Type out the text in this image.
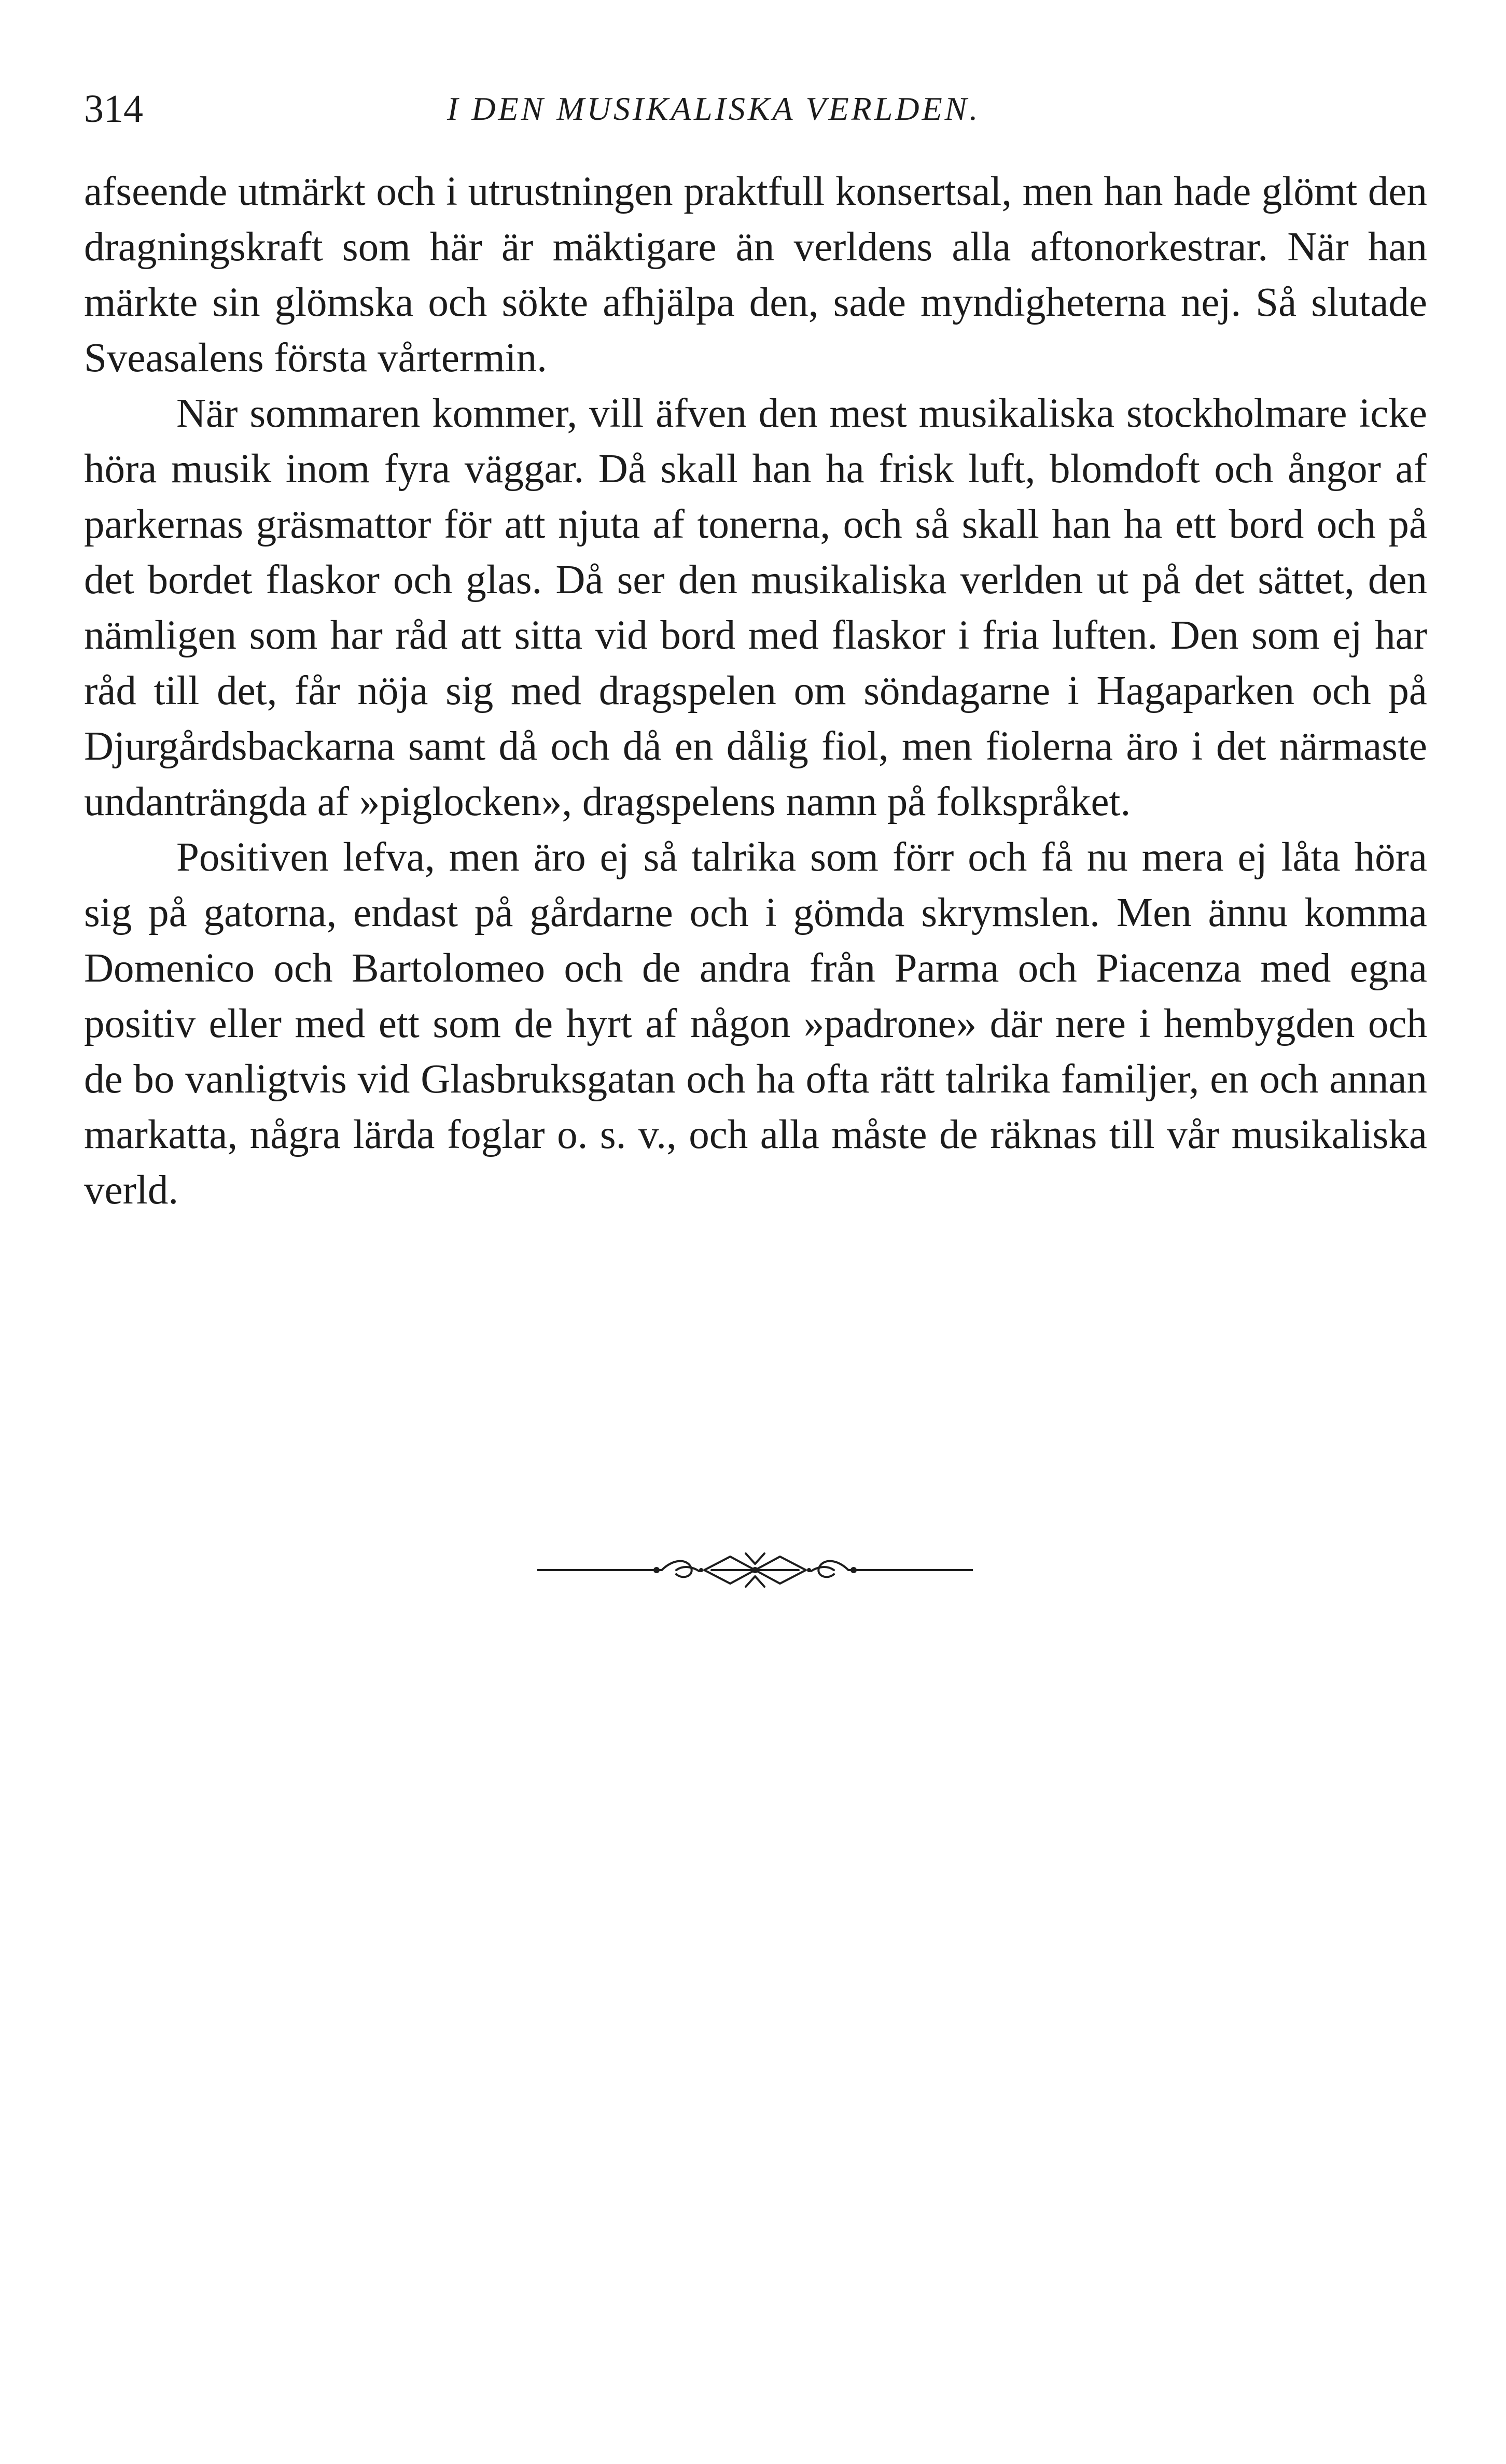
314	I DEN MUSIKALISKA VERLDEN.

afseende utmärkt och i utrustningen praktfull konsertsal, men han hade glömt den dragningskraft som här är mäktigare än verldens alla aftonorkestrar. När han märkte sin glömska och sökte afhjälpa den, sade myndigheterna nej. Så slutade Sveasalens första vårtermin.

När sommaren kommer, vill äfven den mest musikaliska stockholmare icke höra musik inom fyra väggar. Då skall han ha frisk luft, blomdoft och ångor af parkernas gräsmattor för att njuta af tonerna, och så skall han ha ett bord och på det bordet flaskor och glas. Då ser den musikaliska verlden ut på det sättet, den nämligen som har råd att sitta vid bord med flaskor i fria luften. Den som ej har råd till det, får nöja sig med dragspelen om söndagarne i Hagaparken och på Djurgårdsbackarna samt då och då en dålig fiol, men fiolerna äro i det närmaste undanträngda af »piglocken», dragspelens namn på folkspråket.

Positiven lefva, men äro ej så talrika som förr och få nu mera ej låta höra sig på gatorna, endast på gårdarne och i gömda skrymslen. Men ännu komma Domenico och Bartolomeo och de andra från Parma och Piacenza med egna positiv eller med ett som de hyrt af någon »padrone» där nere i hembygden och de bo vanligtvis vid Glasbruksgatan och ha ofta rätt talrika familjer, en och annan markatta, några lärda foglar o. s. v., och alla måste de räknas till vår musikaliska verld.
